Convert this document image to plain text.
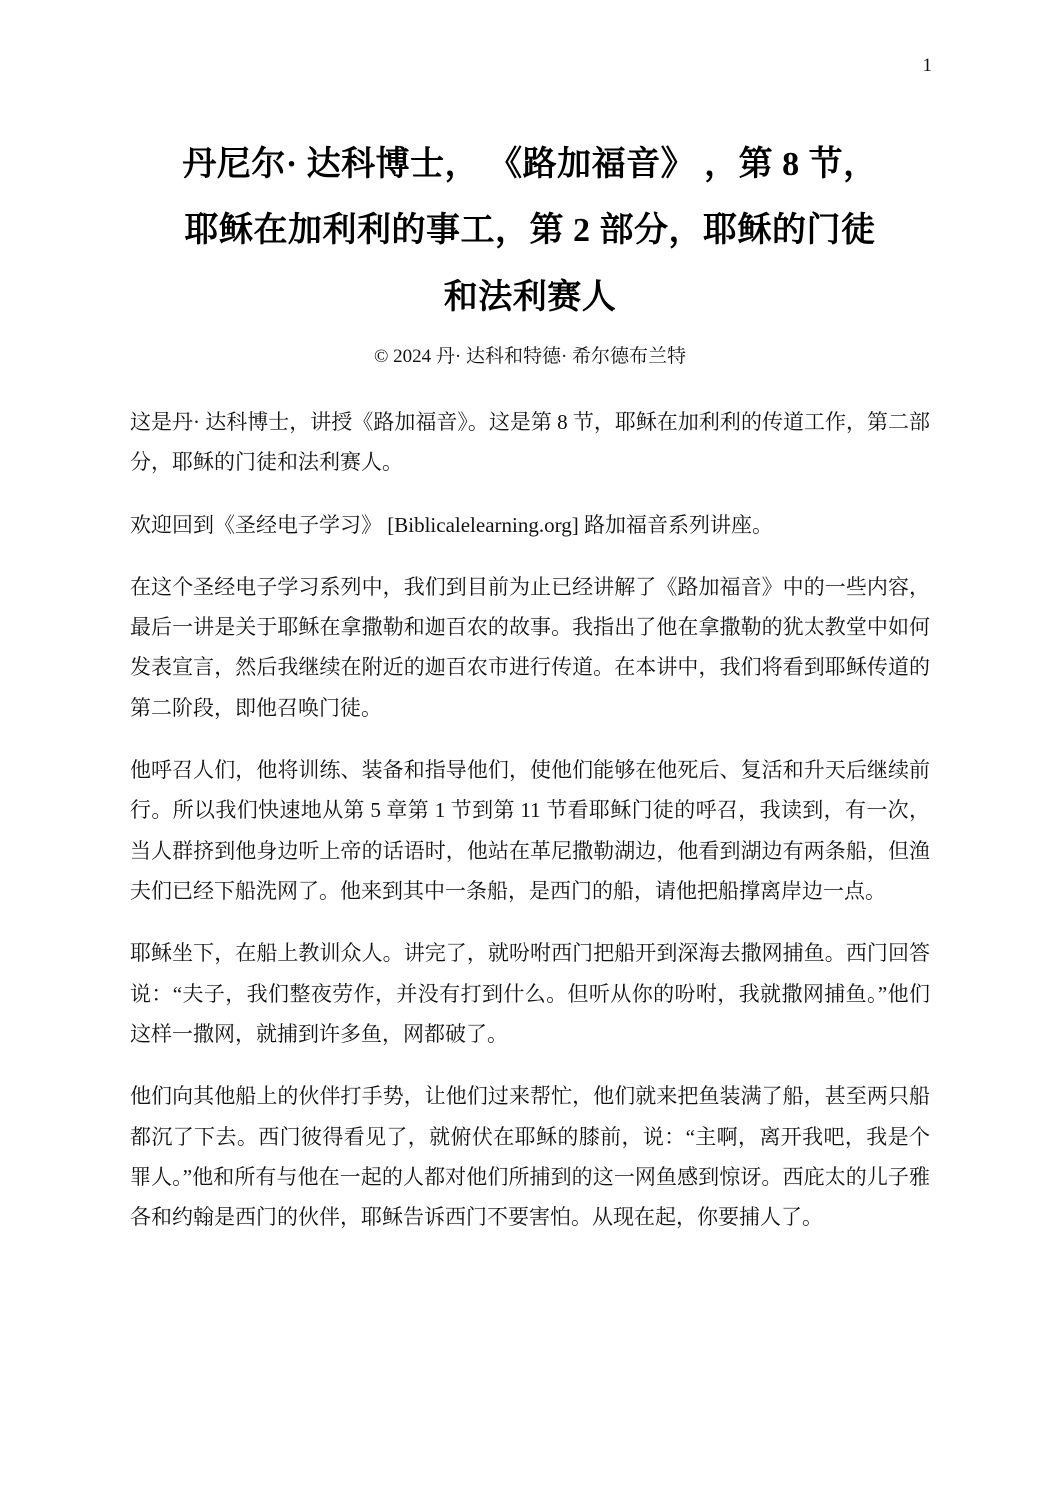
1
丹尼尔· 达科博士， 《路加福音》 ，第 8 节，
耶稣在加利利的事工，第 2 部分，耶稣的门徒
和法利赛人
© 2024 丹· 达科和特德· 希尔德布兰特

这是丹· 达科博士，讲授《路加福音》。这是第 8 节，耶稣在加利利的传道工作，第二部分，耶稣的门徒和法利赛人。

欢迎回到《圣经电子学习》 [Biblicalelearning.org] 路加福音系列讲座。

在这个圣经电子学习系列中，我们到目前为止已经讲解了《路加福音》中的一些内容，最后一讲是关于耶稣在拿撒勒和迦百农的故事。我指出了他在拿撒勒的犹太教堂中如何发表宣言，然后我继续在附近的迦百农市进行传道。在本讲中，我们将看到耶稣传道的第二阶段，即他召唤门徒。

他呼召人们，他将训练、装备和指导他们，使他们能够在他死后、复活和升天后继续前行。所以我们快速地从第 5 章第 1 节到第 11 节看耶稣门徒的呼召，我读到，有一次，当人群挤到他身边听上帝的话语时，他站在革尼撒勒湖边，他看到湖边有两条船，但渔夫们已经下船洗网了。他来到其中一条船，是西门的船，请他把船撑离岸边一点。

耶稣坐下，在船上教训众人。讲完了，就吩咐西门把船开到深海去撒网捕鱼。西门回答说：“夫子，我们整夜劳作，并没有打到什么。但听从你的吩咐，我就撒网捕鱼。”他们这样一撒网，就捕到许多鱼，网都破了。

他们向其他船上的伙伴打手势，让他们过来帮忙，他们就来把鱼装满了船，甚至两只船都沉了下去。西门彼得看见了，就俯伏在耶稣的膝前，说：“主啊，离开我吧，我是个罪人。”他和所有与他在一起的人都对他们所捕到的这一网鱼感到惊讶。西庇太的儿子雅各和约翰是西门的伙伴，耶稣告诉西门不要害怕。从现在起，你要捕人了。
